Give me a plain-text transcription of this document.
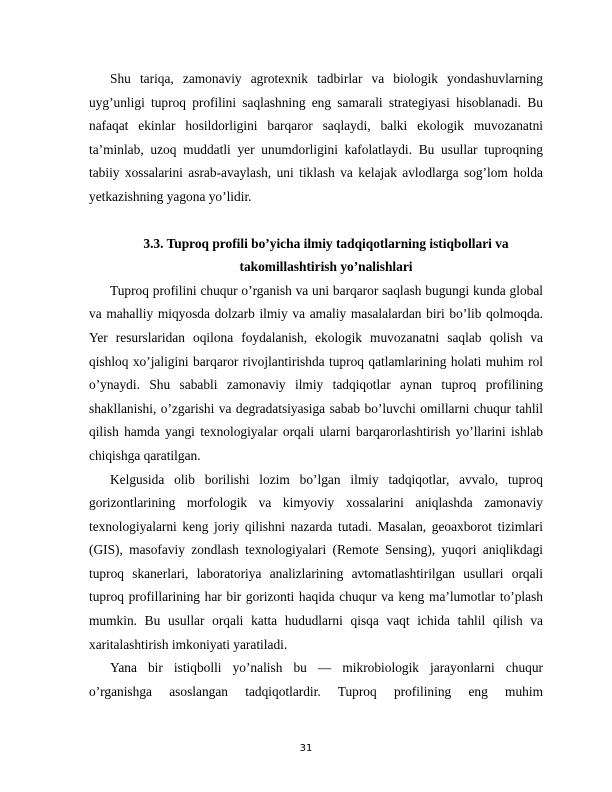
Shu tariqa, zamonaviy agrotexnik tadbirlar va biologik yondashuvlarning uyg’unligi tuproq profilini saqlashning eng samarali strategiyasi hisoblanadi. Bu nafaqat ekinlar hosildorligini barqaror saqlaydi, balki ekologik muvozanatni ta’minlab, uzoq muddatli yer unumdorligini kafolatlaydi. Bu usullar tuproqning tabiiy xossalarini asrab-avaylash, uni tiklash va kelajak avlodlarga sog’lom holda yetkazishning yagona yo’lidir.

3.3. Tuproq profili bo’yicha ilmiy tadqiqotlarning istiqbollari va
takomillashtirish yo’nalishlari

Tuproq profilini chuqur o’rganish va uni barqaror saqlash bugungi kunda global va mahalliy miqyosda dolzarb ilmiy va amaliy masalalardan biri bo’lib qolmoqda. Yer resurslaridan oqilona foydalanish, ekologik muvozanatni saqlab qolish va qishloq xo’jaligini barqaror rivojlantirishda tuproq qatlamlarining holati muhim rol o’ynaydi. Shu sababli zamonaviy ilmiy tadqiqotlar aynan tuproq profilining shakllanishi, o’zgarishi va degradatsiyasiga sabab bo’luvchi omillarni chuqur tahlil qilish hamda yangi texnologiyalar orqali ularni barqarorlashtirish yo’llarini ishlab chiqishga qaratilgan.

Kelgusida olib borilishi lozim bo’lgan ilmiy tadqiqotlar, avvalo, tuproq gorizontlarining morfologik va kimyoviy xossalarini aniqlashda zamonaviy texnologiyalarni keng joriy qilishni nazarda tutadi. Masalan, geoaxborot tizimlari (GIS), masofaviy zondlash texnologiyalari (Remote Sensing), yuqori aniqlikdagi tuproq skanerlari, laboratoriya analizlarining avtomatlashtirilgan usullari orqali tuproq profillarining har bir gorizonti haqida chuqur va keng ma’lumotlar to’plash mumkin. Bu usullar orqali katta hududlarni qisqa vaqt ichida tahlil qilish va xaritalashtirish imkoniyati yaratiladi.

Yana bir istiqbolli yo’nalish bu — mikrobiologik jarayonlarni chuqur o’rganishga asoslangan tadqiqotlardir. Tuproq profilining eng muhim

31
